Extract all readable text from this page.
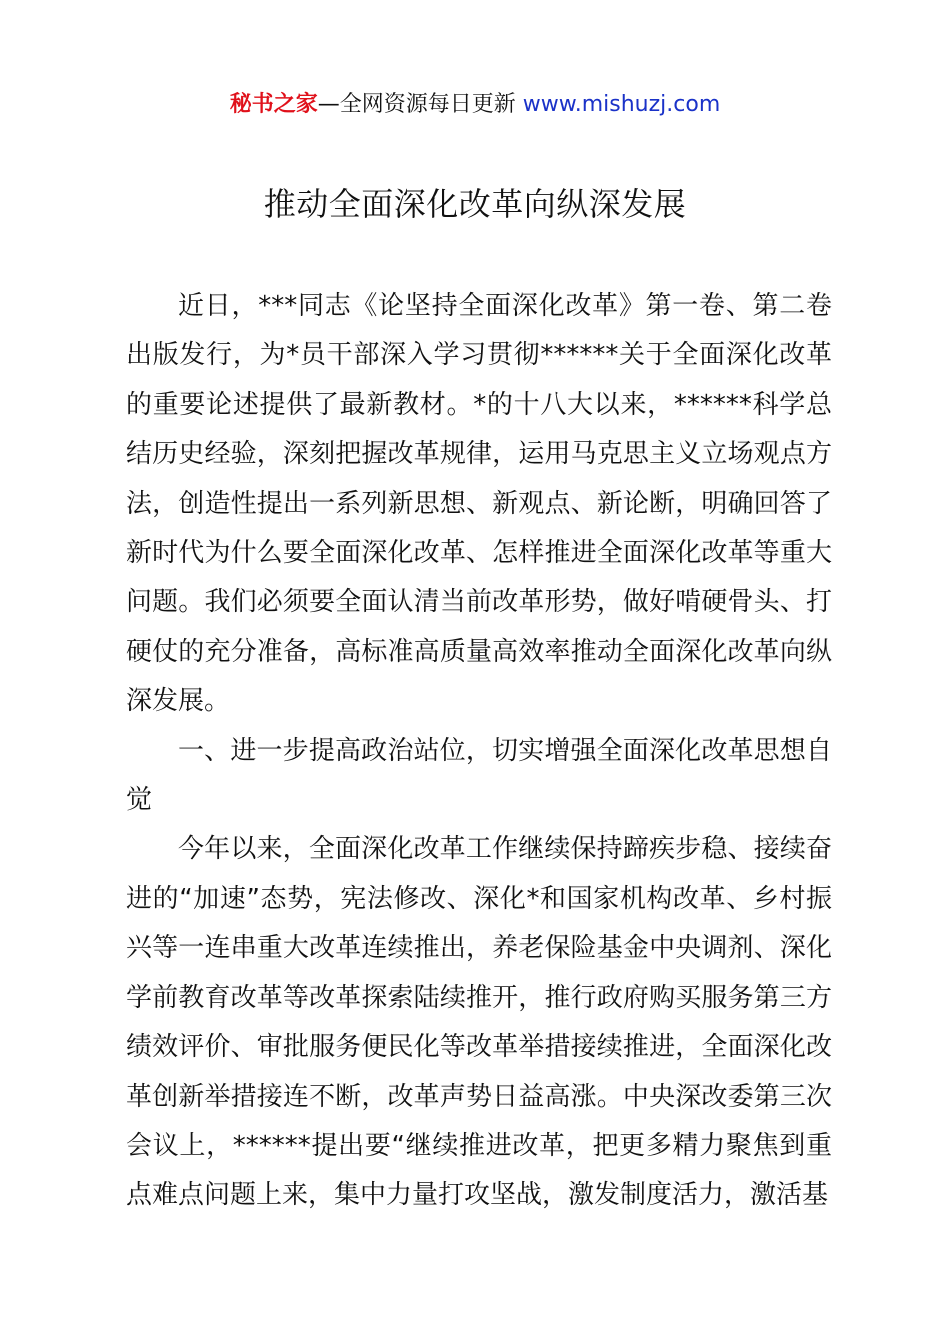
秘书之家—全网资源每日更新 www.mishuzj.com
推动全面深化改革向纵深发展

近日，***同志《论坚持全面深化改革》第一卷、第二卷出版发行，为*员干部深入学习贯彻******关于全面深化改革的重要论述提供了最新教材。*的十八大以来，******科学总结历史经验，深刻把握改革规律，运用马克思主义立场观点方法，创造性提出一系列新思想、新观点、新论断，明确回答了新时代为什么要全面深化改革、怎样推进全面深化改革等重大问题。我们必须要全面认清当前改革形势，做好啃硬骨头、打硬仗的充分准备，高标准高质量高效率推动全面深化改革向纵深发展。

一、进一步提高政治站位，切实增强全面深化改革思想自觉

今年以来，全面深化改革工作继续保持蹄疾步稳、接续奋进的“加速”态势，宪法修改、深化*和国家机构改革、乡村振兴等一连串重大改革连续推出，养老保险基金中央调剂、深化学前教育改革等改革探索陆续推开，推行政府购买服务第三方绩效评价、审批服务便民化等改革举措接续推进，全面深化改革创新举措接连不断，改革声势日益高涨。中央深改委第三次会议上，******提出要“继续推进改革，把更多精力聚焦到重点难点问题上来，集中力量打攻坚战，激发制度活力，激活基
